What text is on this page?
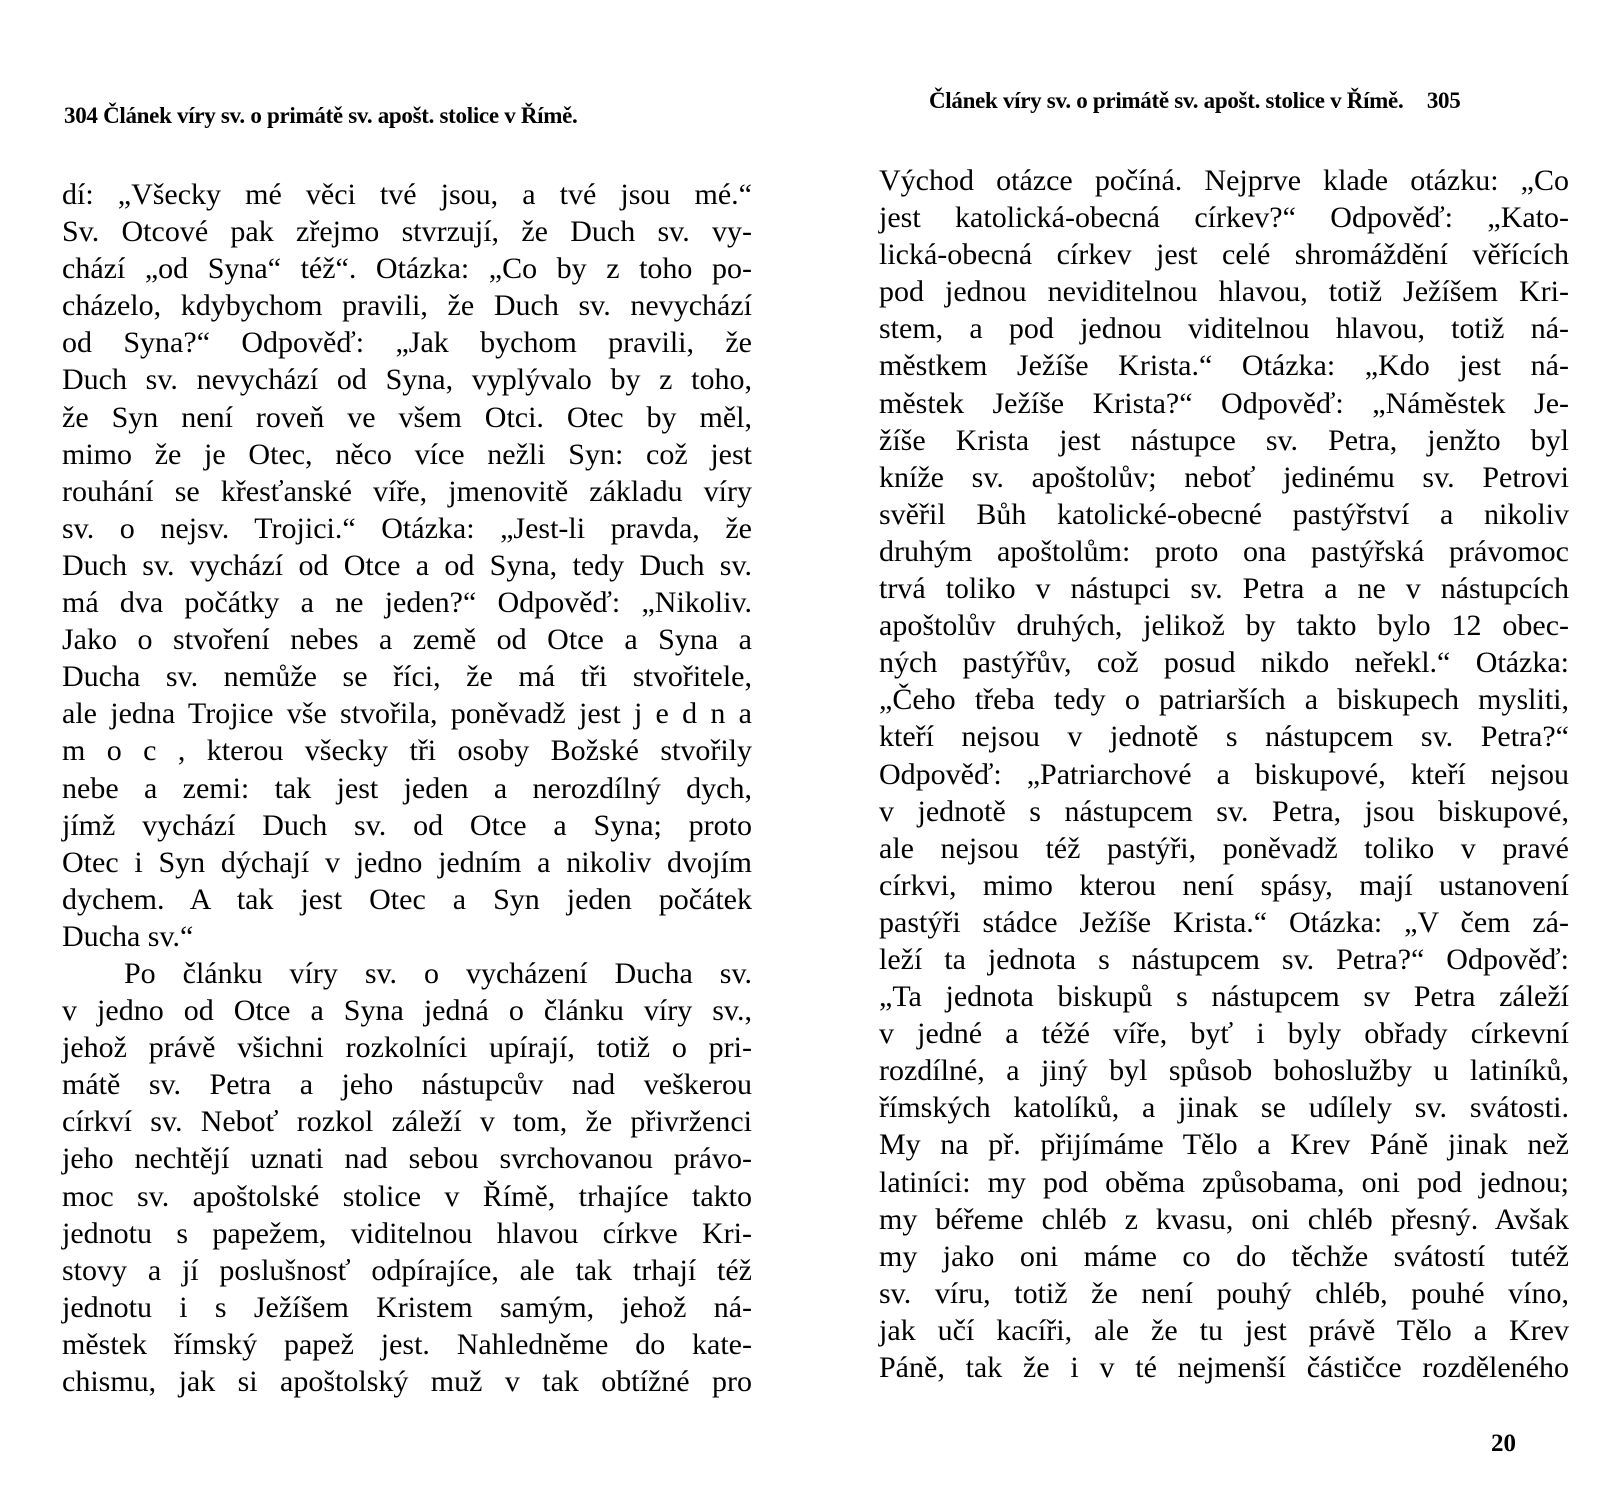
304 Článek víry sv. o primátě sv. apošt. stolice v Římě.
dí: „Všecky mé věci tvé jsou, a tvé jsou mé.“
Sv. Otcové pak zřejmo stvrzují, že Duch sv. vy-
chází „od Syna“ též“. Otázka: „Co by z toho po-
cházelo, kdybychom pravili, že Duch sv. nevychází
od Syna?“ Odpověď: „Jak bychom pravili, že
Duch sv. nevychází od Syna, vyplývalo by z toho,
že Syn není roveň ve všem Otci. Otec by měl,
mimo že je Otec, něco více nežli Syn: což jest
rouhání se křesťanské víře, jmenovitě základu víry
sv. o nejsv. Trojici.“ Otázka: „Jest-li pravda, že
Duch sv. vychází od Otce a od Syna, tedy Duch sv.
má dva počátky a ne jeden?“ Odpověď: „Nikoliv.
Jako o stvoření nebes a země od Otce a Syna a
Ducha sv. nemůže se říci, že má tři stvořitele,
ale jedna Trojice vše stvořila, poněvadž jest j e d n a
m o c , kterou všecky tři osoby Božské stvořily
nebe a zemi: tak jest jeden a nerozdílný dych,
jímž vychází Duch sv. od Otce a Syna; proto
Otec i Syn dýchají v jedno jedním a nikoliv dvojím
dychem. A tak jest Otec a Syn jeden počátek
Ducha sv.“
Po článku víry sv. o vycházení Ducha sv.
v jedno od Otce a Syna jedná o článku víry sv.,
jehož právě všichni rozkolníci upírají, totiž o pri-
mátě sv. Petra a jeho nástupcův nad veškerou
církví sv. Neboť rozkol záleží v tom, že přivrženci
jeho nechtějí uznati nad sebou svrchovanou právo-
moc sv. apoštolské stolice v Římě, trhajíce takto
jednotu s papežem, viditelnou hlavou církve Kri-
stovy a jí poslušnosť odpírajíce, ale tak trhají též
jednotu i s Ježíšem Kristem samým, jehož ná-
městek římský papež jest. Nahledněme do kate-
chismu, jak si apoštolský muž v tak obtížné pro
Článek víry sv. o primátě sv. apošt. stolice v Římě. 305
Východ otázce počíná. Nejprve klade otázku: „Co
jest katolická-obecná církev?“ Odpověď: „Kato-
lická-obecná církev jest celé shromáždění věřících
pod jednou neviditelnou hlavou, totiž Ježíšem Kri-
stem, a pod jednou viditelnou hlavou, totiž ná-
městkem Ježíše Krista.“ Otázka: „Kdo jest ná-
městek Ježíše Krista?“ Odpověď: „Náměstek Je-
žíše Krista jest nástupce sv. Petra, jenžto byl
kníže sv. apoštolův; neboť jedinému sv. Petrovi
svěřil Bůh katolické-obecné pastýřství a nikoliv
druhým apoštolům: proto ona pastýřská právomoc
trvá toliko v nástupci sv. Petra a ne v nástupcích
apoštolův druhých, jelikož by takto bylo 12 obec-
ných pastýřův, což posud nikdo neřekl.“ Otázka:
„Čeho třeba tedy o patriarších a biskupech mysliti,
kteří nejsou v jednotě s nástupcem sv. Petra?“
Odpověď: „Patriarchové a biskupové, kteří nejsou
v jednotě s nástupcem sv. Petra, jsou biskupové,
ale nejsou též pastýři, poněvadž toliko v pravé
církvi, mimo kterou není spásy, mají ustanovení
pastýři stádce Ježíše Krista.“ Otázka: „V čem zá-
leží ta jednota s nástupcem sv. Petra?“ Odpověď:
„Ta jednota biskupů s nástupcem sv Petra záleží
v jedné a téžé víře, byť i byly obřady církevní
rozdílné, a jiný byl spůsob bohoslužby u latiníků,
římských katolíků, a jinak se udílely sv. svátosti.
My na př. přijímáme Tělo a Krev Páně jinak než
latiníci: my pod oběma způsobama, oni pod jednou;
my béřeme chléb z kvasu, oni chléb přesný. Avšak
my jako oni máme co do těchže svátostí tutéž
sv. víru, totiž že není pouhý chléb, pouhé víno,
jak učí kacíři, ale že tu jest právě Tělo a Krev
Páně, tak že i v té nejmenší částičce rozděleného
20
